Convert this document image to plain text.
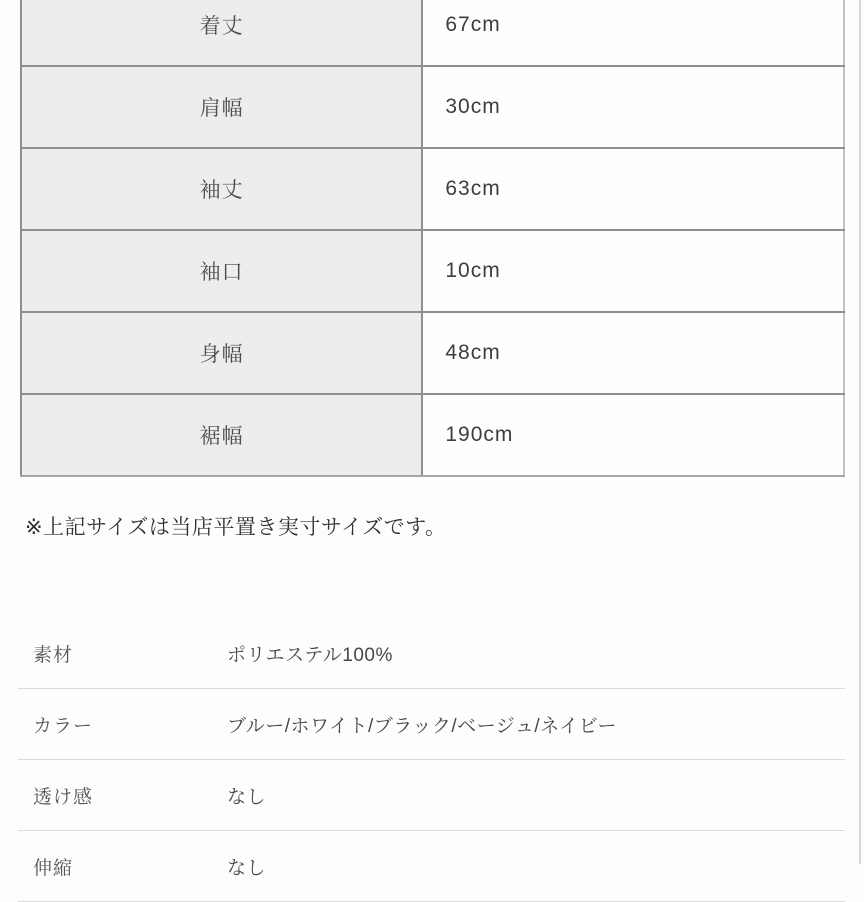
着丈	67cm
肩幅	30cm
袖丈	63cm
袖口	10cm
身幅	48cm
裾幅	190cm

※上記サイズは当店平置き実寸サイズです。

素材	ポリエステル100%
カラー	ブルー/ホワイト/ブラック/ベージュ/ネイビー
透け感	なし
伸縮	なし
